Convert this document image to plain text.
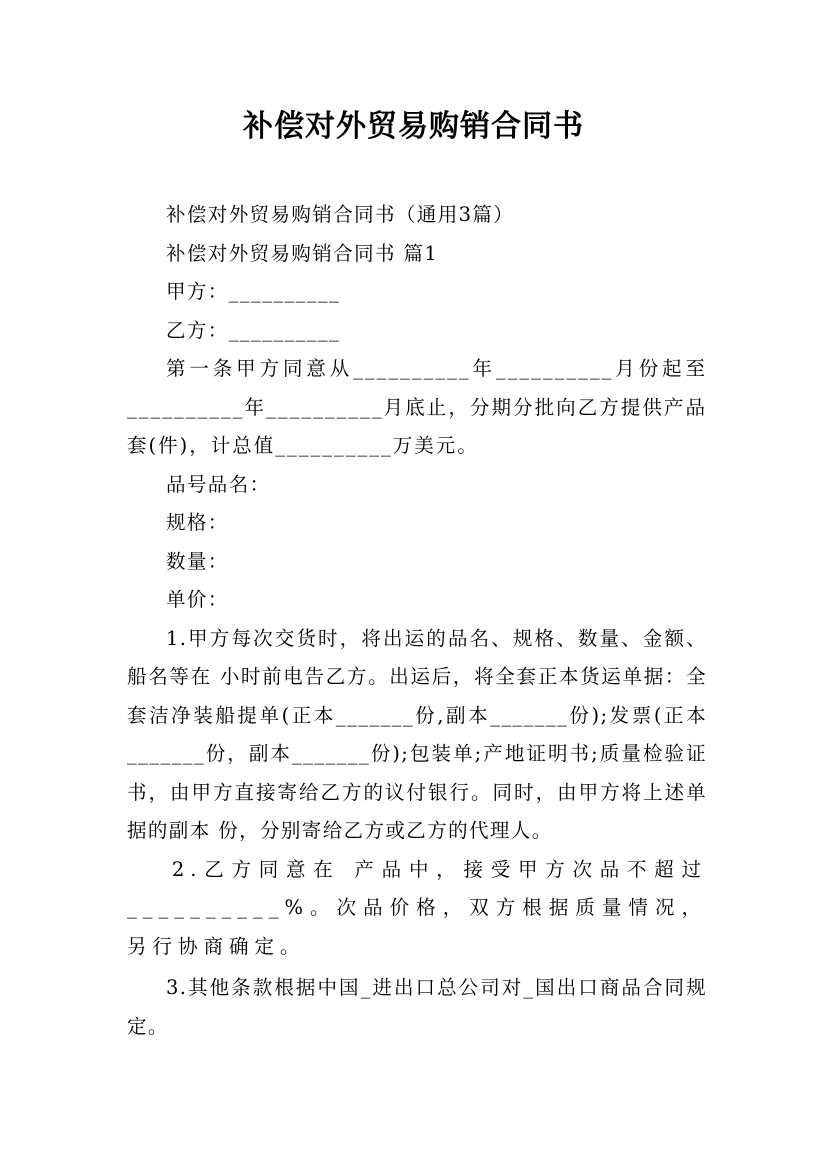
补偿对外贸易购销合同书

补偿对外贸易购销合同书（通用3篇）

补偿对外贸易购销合同书 篇1

甲方：__________

乙方：__________

第一条甲方同意从__________年__________月份起至__________年__________月底止，分期分批向乙方提供产品套(件)，计总值__________万美元。

品号品名：

规格：

数量：

单价：

1.甲方每次交货时，将出运的品名、规格、数量、金额、船名等在 小时前电告乙方。出运后，将全套正本货运单据：全套洁净装船提单(正本_______份,副本_______份);发票(正本_______份，副本_______份);包装单;产地证明书;质量检验证书，由甲方直接寄给乙方的议付银行。同时，由甲方将上述单据的副本 份，分别寄给乙方或乙方的代理人。

2.乙方同意在 产品中，接受甲方次品不超过__________%。次品价格，双方根据质量情况，另行协商确定。

3.其他条款根据中国_进出口总公司对_国出口商品合同规定。
